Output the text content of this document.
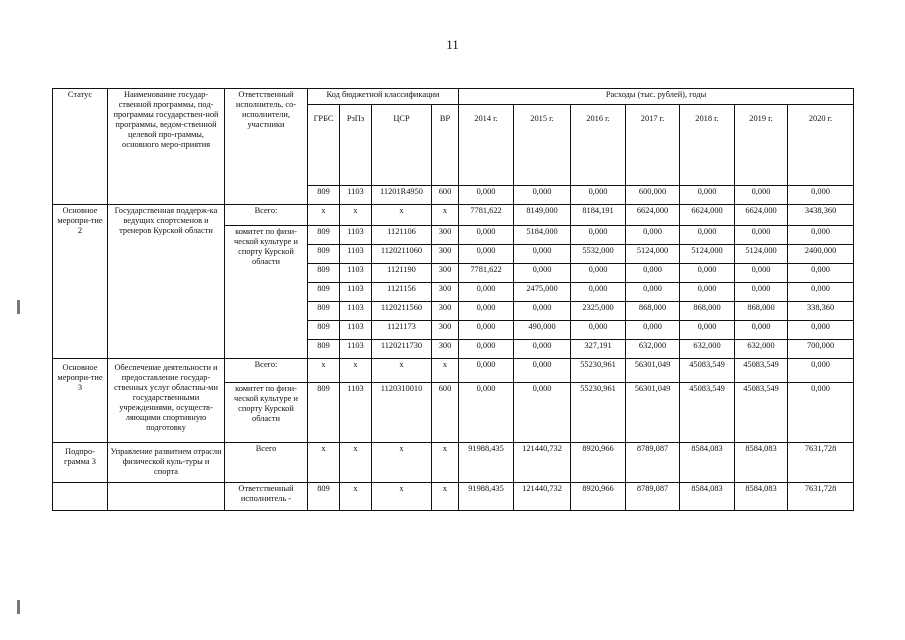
11
Статус	Наименование государ-ственной программы, под-программы государствен-ной программы, ведом-ственной целевой про-граммы, основного меро-приятия	Ответственный исполнитель, со-исполнители, участники	Код бюджетной классификации				Расходы (тыс. рублей), годы						
			ГРБС	РзПз	ЦСР	ВР	2014 г.	2015 г.	2016 г.	2017 г.	2018 г.	2019 г.	2020 г.
			809	1103	11201R4950	600	0,000	0,000	0,000	600,000	0,000	0,000	0,000
Основное меропри-тие 2	Государственная поддерж-ка ведущих спортсменов и тренеров Курской области	Всего:	х	х	х	х	7781,622	8149,000	8184,191	6624,000	6624,000	6624,000	3438,360
		комитет по физи-ческой культуре и спорту Курской области	809	1103	1121106	300	0,000	5184,000	0,000	0,000	0,000	0,000	0,000
			809	1103	1120211060	300	0,000	0,000	5532,000	5124,000	5124,000	5124,000	2400,000
			809	1103	1121190	300	7781,622	0,000	0,000	0,000	0,000	0,000	0,000
			809	1103	1121156	300	0,000	2475,000	0,000	0,000	0,000	0,000	0,000
			809	1103	1120211560	300	0,000	0,000	2325,000	868,000	868,000	868,000	338,360
			809	1103	1121173	300	0,000	490,000	0,000	0,000	0,000	0,000	0,000
			809	1103	1120211730	300	0,000	0,000	327,191	632,000	632,000	632,000	700,000
Основное меропри-тие 3	Обеспечение деятельности и предоставление государ-ственных услуг областны-ми государственными учреждениями, осуществ-ляющими спортивную подготовку	Всего:	х	х	х	х	0,000	0,000	55230,961	56301,049	45083,549	45083,549	0,000
		комитет по физи-ческой культуре и спорту Курской области	809	1103	1120310010	600	0,000	0,000	55230,961	56301,049	45083,549	45083,549	0,000
Подпро-грамма 3	Управление развитием отрасли физической куль-туры и спорта	Всего	х	х	х	х	91988,435	121440,732	8920,966	8789,087	8584,083	8584,083	7631,728
		Ответственный исполнитель -	809	х	х	х	91988,435	121440,732	8920,966	8789,087	8584,083	8584,083	7631,728
